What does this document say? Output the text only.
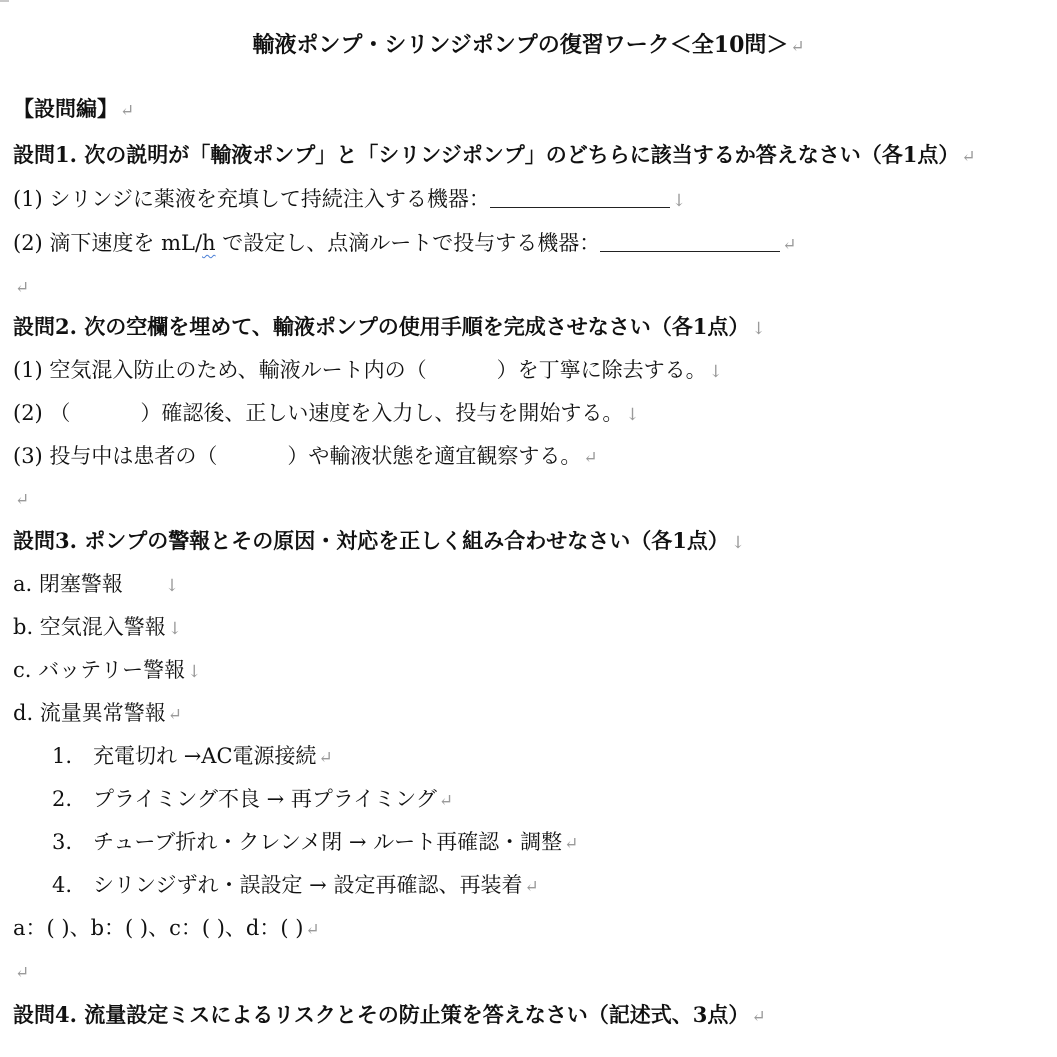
輸液ポンプ・シリンジポンプの復習ワーク＜全10問＞ ↵
【設問編】 ↵
設問1. 次の説明が「輸液ポンプ」と「シリンジポンプ」のどちらに該当するか答えなさい（各1点） ↵
(1) シリンジに薬液を充填して持続注入する機器：	↓
(2) 滴下速度を mL/h で設定し、点滴ルートで投与する機器：	↵
↵
設問2. 次の空欄を埋めて、輸液ポンプの使用手順を完成させなさい（各1点） ↓
(1) 空気混入防止のため、輸液ルート内の（	）を丁寧に除去する。 ↓
(2) （	）確認後、正しい速度を入力し、投与を開始する。 ↓
(3) 投与中は患者の（	）や輸液状態を適宜観察する。 ↵
↵
設問3. ポンプの警報とその原因・対応を正しく組み合わせなさい（各1点） ↓
a. 閉塞警報 ↓
b. 空気混入警報 ↓
c. バッテリー警報 ↓
d. 流量異常警報 ↵
1.　充電切れ →AC電源接続 ↵
2.　プライミング不良 → 再プライミング ↵
3.　チューブ折れ・クレンメ閉 → ルート再確認・調整 ↵
4.　シリンジずれ・誤設定 → 設定再確認、再装着 ↵
a：( )、b：( )、c：( )、d：( ) ↵
↵
設問4. 流量設定ミスによるリスクとその防止策を答えなさい（記述式、3点） ↵
